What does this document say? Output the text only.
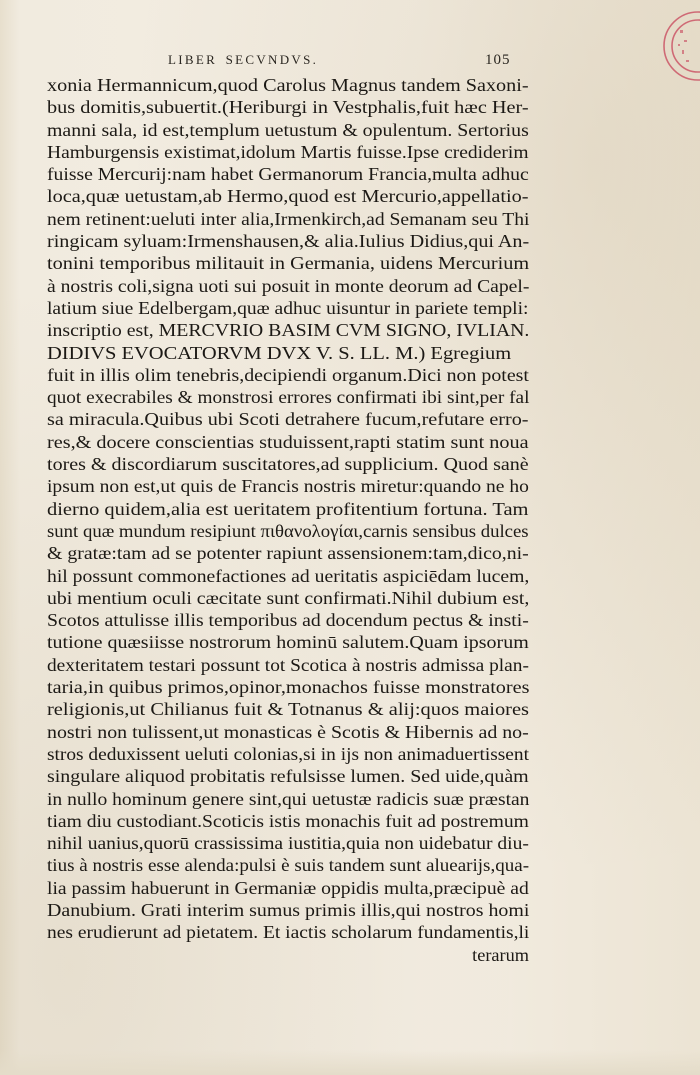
LIBER SECVNDVS.	105
xonia Hermannicum,quod Carolus Magnus tandem Saxoni-
bus domitis,subuertit.(Heriburgi in Vestphalis,fuit hæc Her-
manni sala, id est,templum uetustum & opulentum. Sertorius
Hamburgensis existimat,idolum Martis fuisse.Ipse crediderim
fuisse Mercurij:nam habet Germanorum Francia,multa adhuc
loca,quæ uetustam,ab Hermo,quod est Mercurio,appellatio-
nem retinent:ueluti inter alia,Irmenkirch,ad Semanam seu Thi
ringicam syluam:Irmenshausen,& alia.Iulius Didius,qui An-
tonini temporibus militauit in Germania, uidens Mercurium
à nostris coli,signa uoti sui posuit in monte deorum ad Capel-
latium siue Edelbergam,quæ adhuc uisuntur in pariete templi:
inscriptio est, MERCVRIO BASIM CVM SIGNO, IVLIAN.
DIDIVS EVOCATORVM DVX V. S. LL. M.) Egregium
fuit in illis olim tenebris,decipiendi organum.Dici non potest
quot execrabiles & monstrosi errores confirmati ibi sint,per fal
sa miracula.Quibus ubi Scoti detrahere fucum,refutare erro-
res,& docere conscientias studuissent,rapti statim sunt noua
tores & discordiarum suscitatores,ad supplicium. Quod sanè
ipsum non est,ut quis de Francis nostris miretur:quando ne ho
dierno quidem,alia est ueritatem profitentium fortuna. Tam
sunt quæ mundum resipiunt πιθανολογίαι,carnis sensibus dulces
& gratæ:tam ad se potenter rapiunt assensionem:tam,dico,ni-
hil possunt commonefactiones ad ueritatis aspiciēdam lucem,
ubi mentium oculi cæcitate sunt confirmati.Nihil dubium est,
Scotos attulisse illis temporibus ad docendum pectus & insti-
tutione quæsiisse nostrorum hominū salutem.Quam ipsorum
dexteritatem testari possunt tot Scotica à nostris admissa plan-
taria,in quibus primos,opinor,monachos fuisse monstratores
religionis,ut Chilianus fuit & Totnanus & alij:quos maiores
nostri non tulissent,ut monasticas è Scotis & Hibernis ad no-
stros deduxissent ueluti colonias,si in ijs non animaduertissent
singulare aliquod probitatis refulsisse lumen. Sed uide,quàm
in nullo hominum genere sint,qui uetustæ radicis suæ præstan
tiam diu custodiant.Scoticis istis monachis fuit ad postremum
nihil uanius,quorū crassissima iustitia,quia non uidebatur diu-
tius à nostris esse alenda:pulsi è suis tandem sunt aluearijs,qua-
lia passim habuerunt in Germaniæ oppidis multa,præcipuè ad
Danubium. Grati interim sumus primis illis,qui nostros homi
nes erudierunt ad pietatem. Et iactis scholarum fundamentis,li
terarum
